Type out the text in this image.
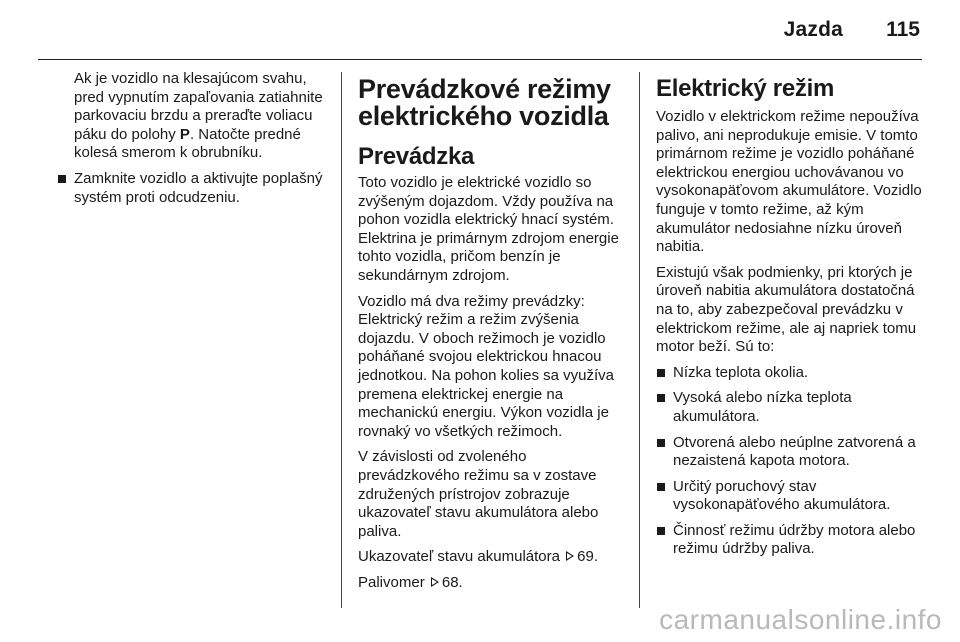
Jazda 115

Ak je vozidlo na klesajúcom svahu, pred vypnutím zapaľovania zatiahnite parkovaciu brzdu a preraďte voliacu páku do polohy P. Natočte predné kolesá smerom k obrubníku.

Zamknite vozidlo a aktivujte poplašný systém proti odcudzeniu.
Prevádzkové režimy elektrického vozidla
Prevádzka

Toto vozidlo je elektrické vozidlo so zvýšeným dojazdom. Vždy používa na pohon vozidla elektrický hnací systém. Elektrina je primárnym zdrojom energie tohto vozidla, pričom benzín je sekundárnym zdrojom.

Vozidlo má dva režimy prevádzky: Elektrický režim a režim zvýšenia dojazdu. V oboch režimoch je vozidlo poháňané svojou elektrickou hnacou jednotkou. Na pohon kolies sa využíva premena elektrickej energie na mechanickú energiu. Výkon vozidla je rovnaký vo všetkých režimoch.

V závislosti od zvoleného prevádzkového režimu sa v zostave združených prístrojov zobrazuje ukazovateľ stavu akumulátora alebo paliva.

Ukazovateľ stavu akumulátora 69.

Palivomer 68.

Elektrický režim

Vozidlo v elektrickom režime nepoužíva palivo, ani neprodukuje emisie. V tomto primárnom režime je vozidlo poháňané elektrickou energiou uchovávanou vo vysokonapäťovom akumulátore. Vozidlo funguje v tomto režime, až kým akumulátor nedosiahne nízku úroveň nabitia.

Existujú však podmienky, pri ktorých je úroveň nabitia akumulátora dostatočná na to, aby zabezpečoval prevádzku v elektrickom režime, ale aj napriek tomu motor beží. Sú to:

Nízka teplota okolia.
Vysoká alebo nízka teplota akumulátora.
Otvorená alebo neúplne zatvorená a nezaistená kapota motora.
Určitý poruchový stav vysokonapäťového akumulátora.
Činnosť režimu údržby motora alebo režimu údržby paliva.
carmanualsonline.info
